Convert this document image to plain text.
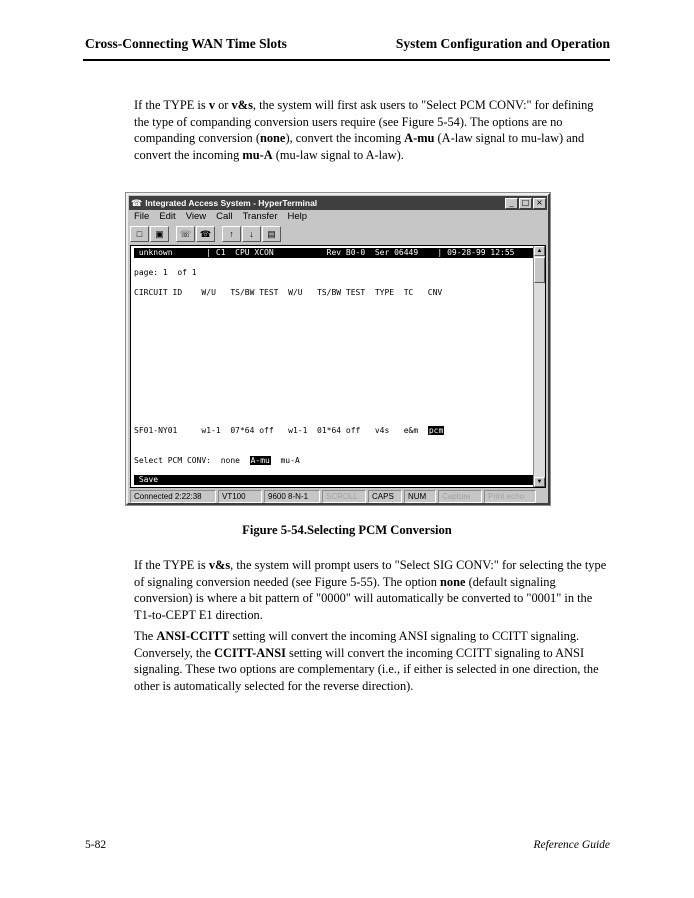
Cross-Connecting WAN Time Slots	System Configuration and Operation

If the TYPE is v or v&s, the system will first ask users to "Select PCM CONV:" for defining the type of companding conversion users require (see Figure 5-54). The options are no companding conversion (none), convert the incoming A-mu (A-law signal to mu-law) and convert the incoming mu-A (mu-law signal to A-law).

☎ Integrated Access System - HyperTerminal	_	□ ×
File	Edit	View	Call	Transfer	Help
□	▣	☏ ☎	↑	↓	▤
unknown       | C1  CPU XCON           Rev B0-0  Ser 06449    | 09-28-99 12:55

page: 1  of 1

CIRCUIT ID    W/U   TS/BW TEST  W/U   TS/BW TEST  TYPE  TC   CNV

SF01-NY01     w1-1  07*64 off   w1-1  01*64 off   v4s   e&m  pcm

Select PCM CONV:  none  A-mu  mu-A

Save
▲
▼
Connected 2:22:38	VT100	9600 8-N-1	SCROLL	CAPS	NUM	Capture	Print echo

Figure 5-54.Selecting PCM Conversion

If the TYPE is v&s, the system will prompt users to "Select SIG CONV:" for selecting the type of signaling conversion needed (see Figure 5-55). The option none (default signaling conversion) is where a bit pattern of "0000" will automatically be converted to "0001" in the T1-to-CEPT E1 direction.

The ANSI-CCITT setting will convert the incoming ANSI signaling to CCITT signaling. Conversely, the CCITT-ANSI setting will convert the incoming CCITT signaling to ANSI signaling. These two options are complementary (i.e., if either is selected in one direction, the other is automatically selected for the reverse direction).

5-82	Reference Guide
